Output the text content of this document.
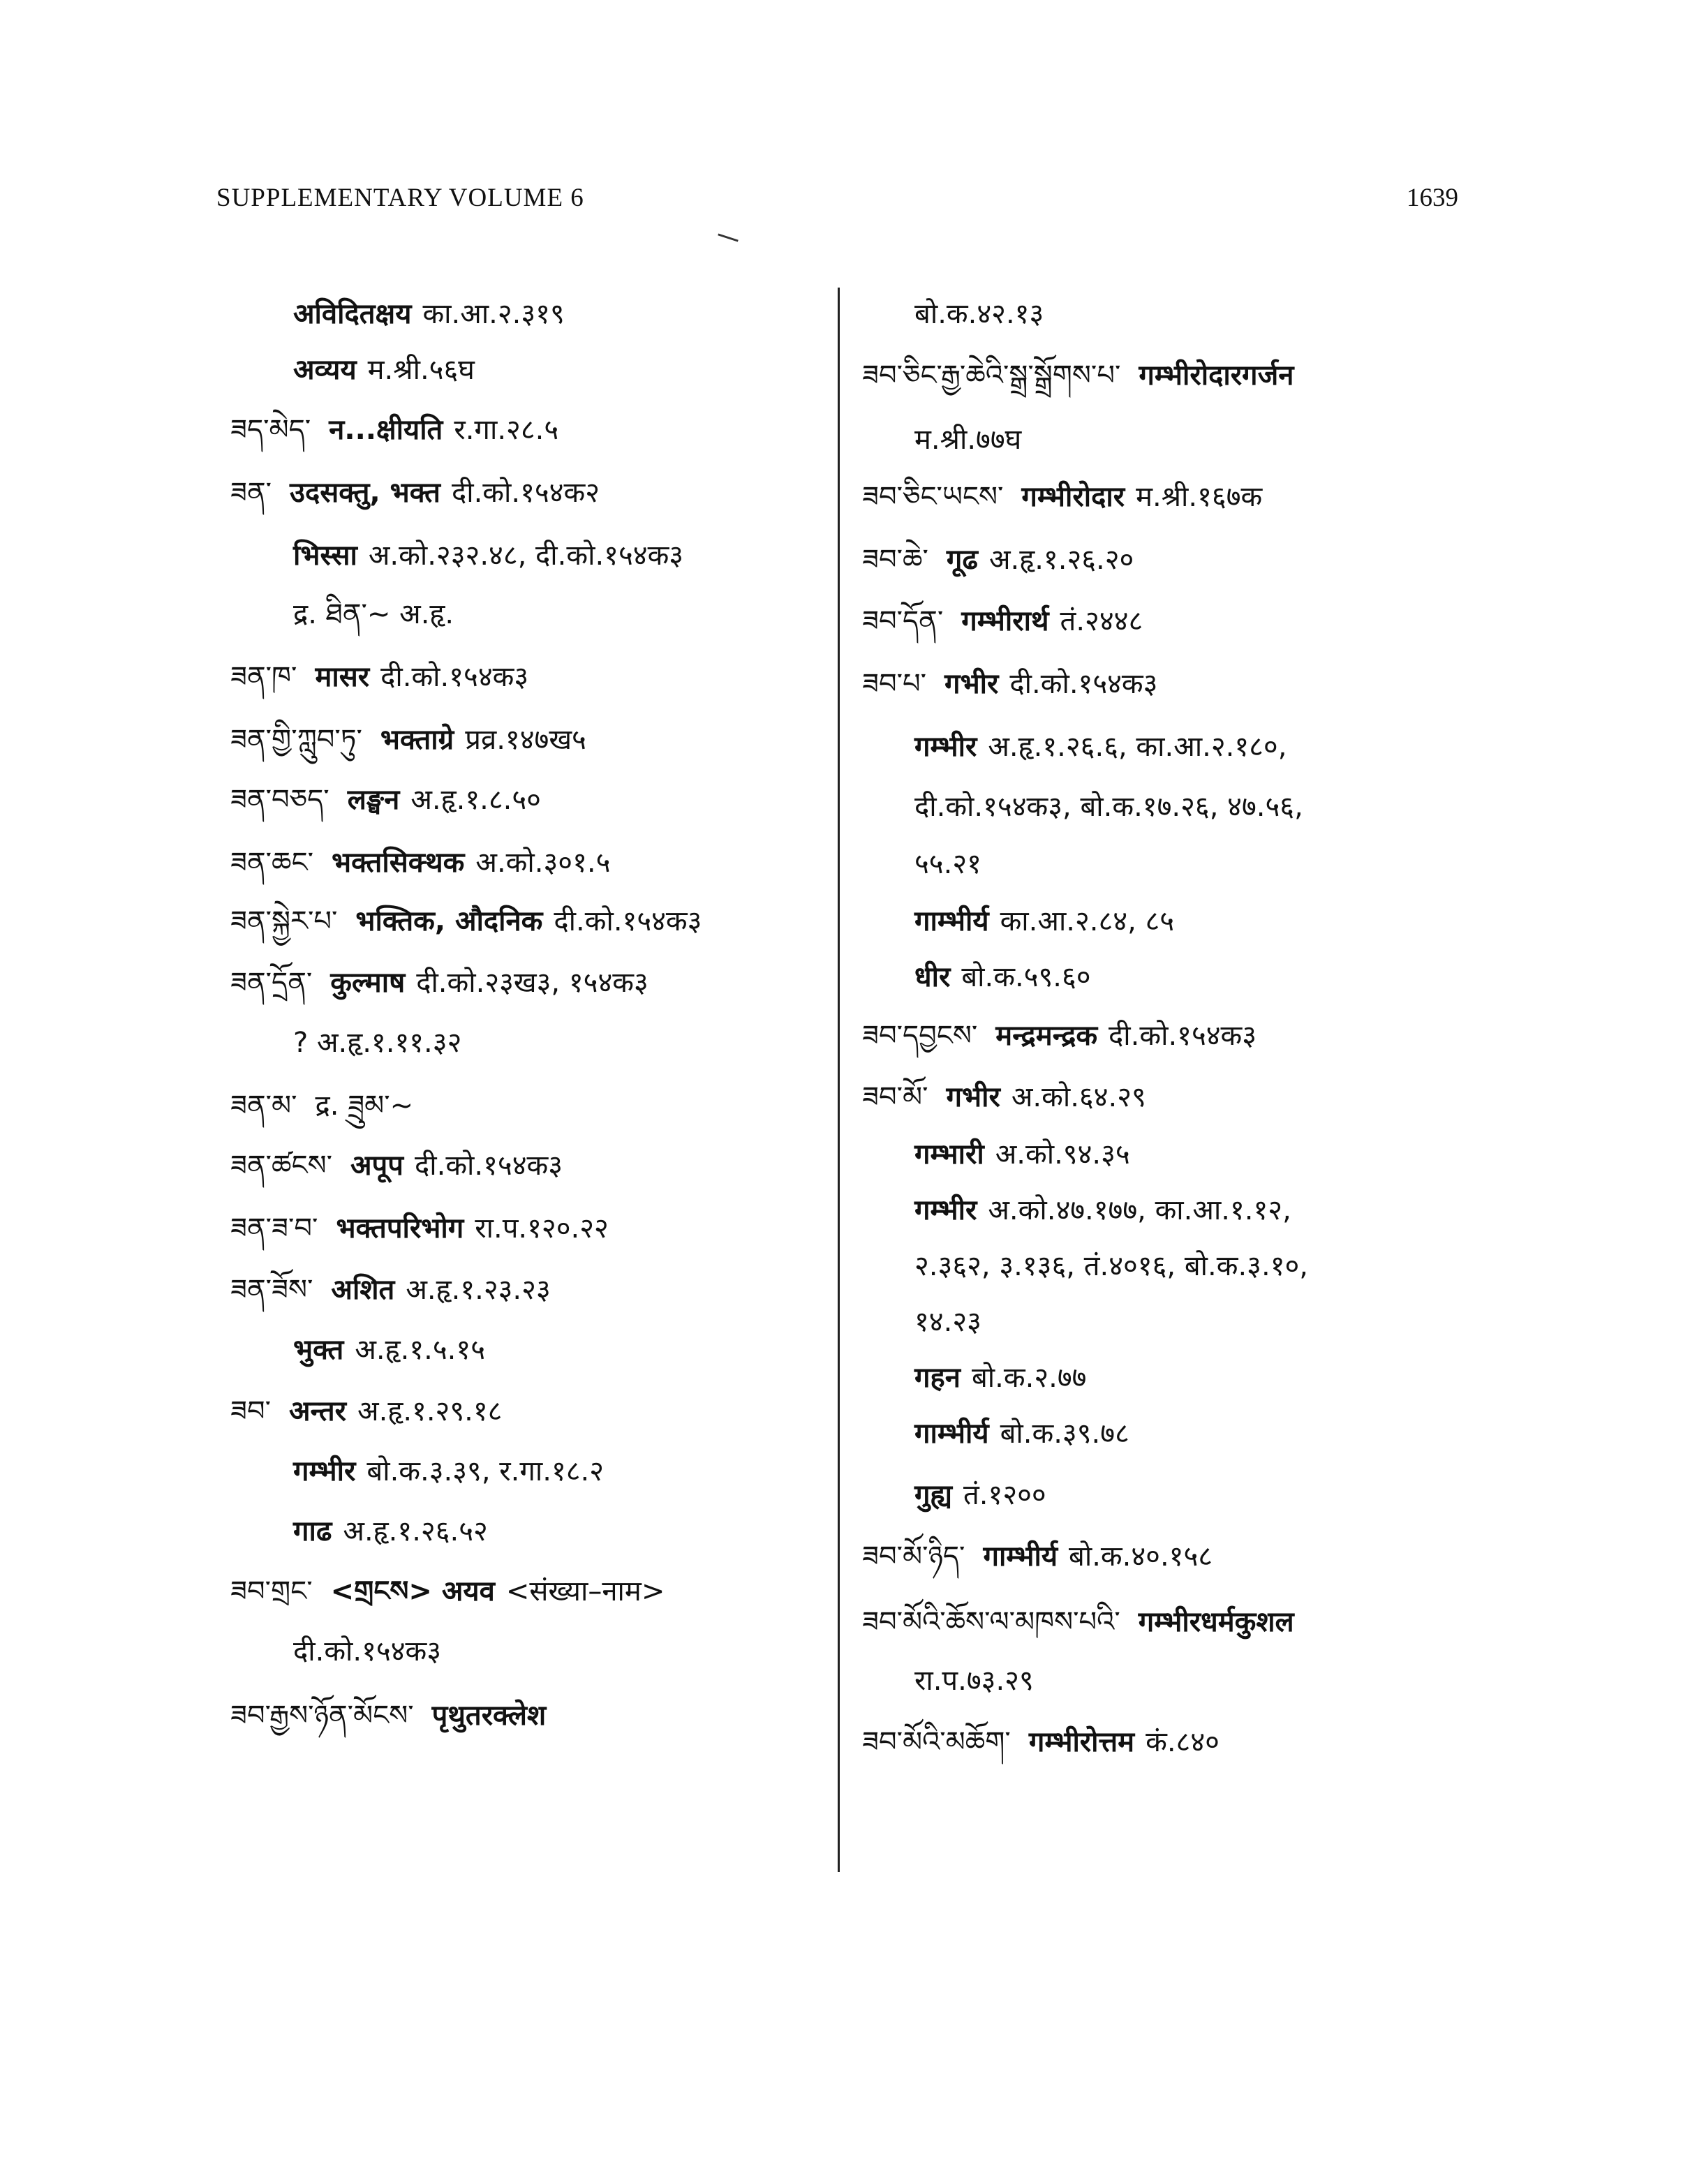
SUPPLEMENTARY VOLUME 6	1639
अविदितक्षय का.आ.२.३१९
अव्यय म.श्री.५६घ
ཟད་མེད་ न...क्षीयति र.गा.२८.५
ཟན་ उदसक्तु, भक्त दी.को.१५४क२
भिस्सा अ.को.२३२.४८, दी.को.१५४क३
द्र. ཐིན་~ अ.हृ.
ཟན་ཁ་ मासर दी.को.१५४क३
ཟན་གྱི་ཀླུབ་ཏུ་ भक्ताग्रे प्रव्र.१४७ख५
ཟན་བཅད་ लङ्घन अ.हृ.१.८.५०
ཟན་ཆང་ भक्तसिक्थक अ.को.३०१.५
ཟན་སྐྱེར་པ་ भक्तिक, औदनिक दी.को.१५४क३
ཟན་དྲོན་ कुल्माष दी.को.२३ख३, १५४क३
? अ.हृ.१.११.३२
ཟན་མ་ द्र. ཟྲུམ་~
ཟན་ཚངས་ अपूप दी.को.१५४क३
ཟན་ཟ་བ་ भक्तपरिभोग रा.प.१२०.२२
ཟན་ཟོས་ अशित अ.हृ.१.२३.२३
भुक्त अ.हृ.१.५.१५
ཟབ་ अन्तर अ.हृ.१.२९.१८
गम्भीर बो.क.३.३९, र.गा.१८.२
गाढ अ.हृ.१.२६.५२
ཟབ་གྲང་ <གྲངས> अयव <संख्या–नाम>
दी.को.१५४क३
ཟབ་རྒྱས་ཉོན་མོངས་ पृथुतरक्लेश
बो.क.४२.१३
ཟབ་ཅིང་རྒྱ་ཆེའི་སྒྲ་སྒྲོགས་པ་ गम्भीरोदारगर्जन
म.श्री.७७घ
ཟབ་ཅིང་ཡངས་ गम्भीरोदार म.श्री.१६७क
ཟབ་ཆེ་ गूढ अ.हृ.१.२६.२०
ཟབ་དོན་ गम्भीरार्थ तं.२४४८
ཟབ་པ་ गभीर दी.को.१५४क३
गम्भीर अ.हृ.१.२६.६, का.आ.२.१८०,
दी.को.१५४क३, बो.क.१७.२६, ४७.५६,
५५.२१
गाम्भीर्य का.आ.२.८४, ८५
धीर बो.क.५९.६०
ཟབ་དབྱངས་ मन्द्रमन्द्रक दी.को.१५४क३
ཟབ་མོ་ गभीर अ.को.६४.२९
गम्भारी अ.को.९४.३५
गम्भीर अ.को.४७.१७७, का.आ.१.१२,
२.३६२, ३.१३६, तं.४०१६, बो.क.३.१०,
१४.२३
गहन बो.क.२.७७
गाम्भीर्य बो.क.३९.७८
गुह्य तं.१२००
ཟབ་མོ་ཉིད་ गाम्भीर्य बो.क.४०.१५८
ཟབ་མོའི་ཆོས་ལ་མཁས་པའི་ गम्भीरधर्मकुशल
रा.प.७३.२९
ཟབ་མོའི་མཆོག་ गम्भीरोत्तम कं.८४०
